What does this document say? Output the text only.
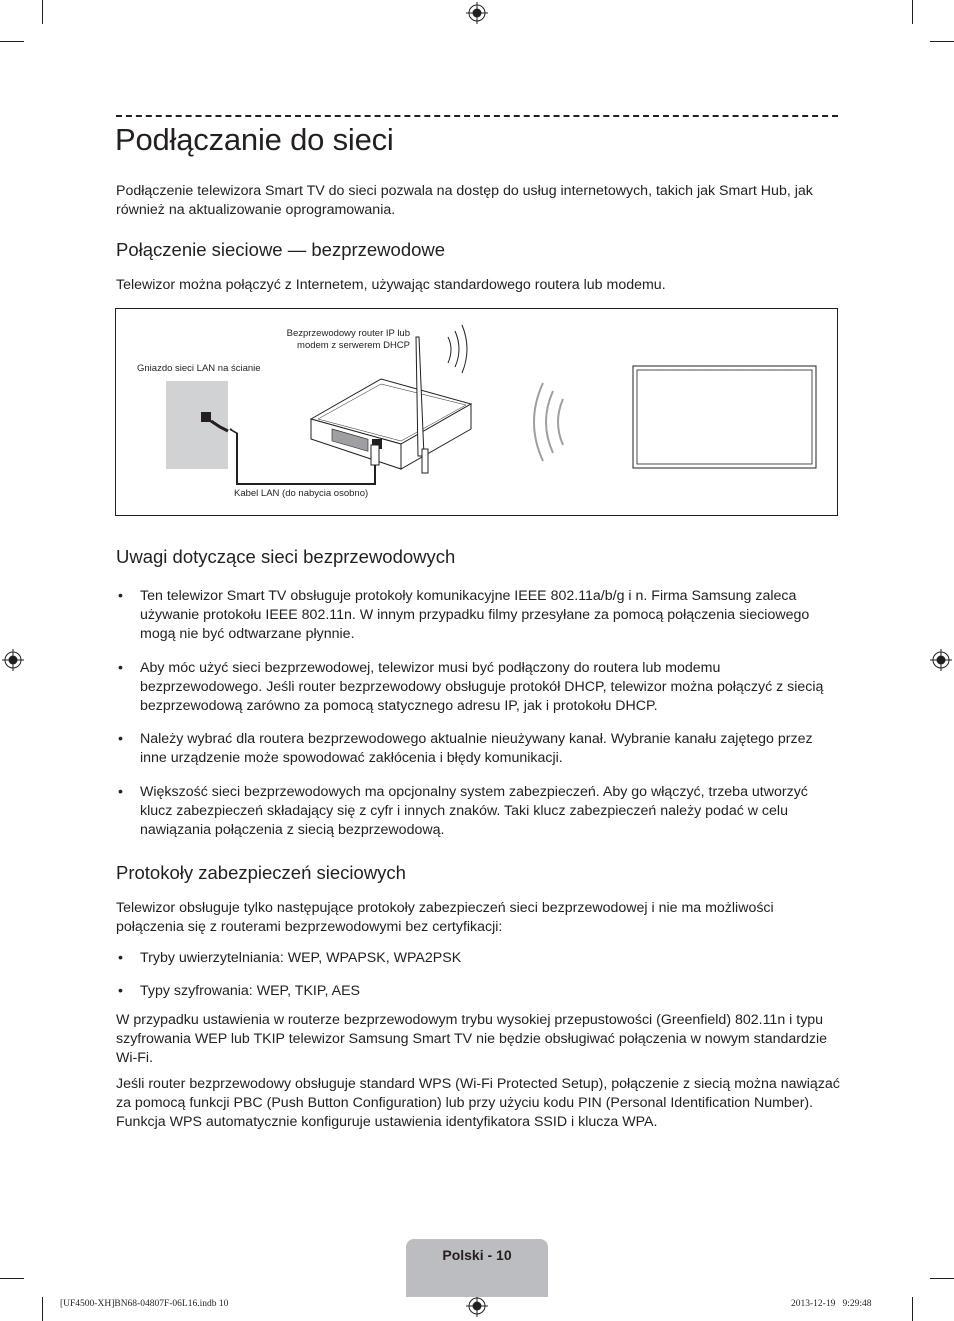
Podłączanie do sieci

Podłączenie telewizora Smart TV do sieci pozwala na dostęp do usług internetowych, takich jak Smart Hub, jak również na aktualizowanie oprogramowania.

Połączenie sieciowe — bezprzewodowe

Telewizor można połączyć z Internetem, używając standardowego routera lub modemu.

Bezprzewodowy router IP lub modem z serwerem DHCP
Gniazdo sieci LAN na ścianie
Kabel LAN (do nabycia osobno)
Uwagi dotyczące sieci bezprzewodowych
• Ten telewizor Smart TV obsługuje protokoły komunikacyjne IEEE 802.11a/b/g i n. Firma Samsung zaleca używanie protokołu IEEE 802.11n. W innym przypadku filmy przesyłane za pomocą połączenia sieciowego mogą nie być odtwarzane płynnie.
• Aby móc użyć sieci bezprzewodowej, telewizor musi być podłączony do routera lub modemu bezprzewodowego. Jeśli router bezprzewodowy obsługuje protokół DHCP, telewizor można połączyć z siecią bezprzewodową zarówno za pomocą statycznego adresu IP, jak i protokołu DHCP.
• Należy wybrać dla routera bezprzewodowego aktualnie nieużywany kanał. Wybranie kanału zajętego przez inne urządzenie może spowodować zakłócenia i błędy komunikacji.
• Większość sieci bezprzewodowych ma opcjonalny system zabezpieczeń. Aby go włączyć, trzeba utworzyć klucz zabezpieczeń składający się z cyfr i innych znaków. Taki klucz zabezpieczeń należy podać w celu nawiązania połączenia z siecią bezprzewodową.
Protokoły zabezpieczeń sieciowych

Telewizor obsługuje tylko następujące protokoły zabezpieczeń sieci bezprzewodowej i nie ma możliwości połączenia się z routerami bezprzewodowymi bez certyfikacji:

• Tryby uwierzytelniania: WEP, WPAPSK, WPA2PSK
• Typy szyfrowania: WEP, TKIP, AES

W przypadku ustawienia w routerze bezprzewodowym trybu wysokiej przepustowości (Greenfield) 802.11n i typu szyfrowania WEP lub TKIP telewizor Samsung Smart TV nie będzie obsługiwać połączenia w nowym standardzie Wi-Fi.

Jeśli router bezprzewodowy obsługuje standard WPS (Wi-Fi Protected Setup), połączenie z siecią można nawiązać za pomocą funkcji PBC (Push Button Configuration) lub przy użyciu kodu PIN (Personal Identification Number). Funkcja WPS automatycznie konfiguruje ustawienia identyfikatora SSID i klucza WPA.

Polski - 10
[UF4500-XH]BN68-04807F-06L16.indb 10	2013-12-19   9:29:48
